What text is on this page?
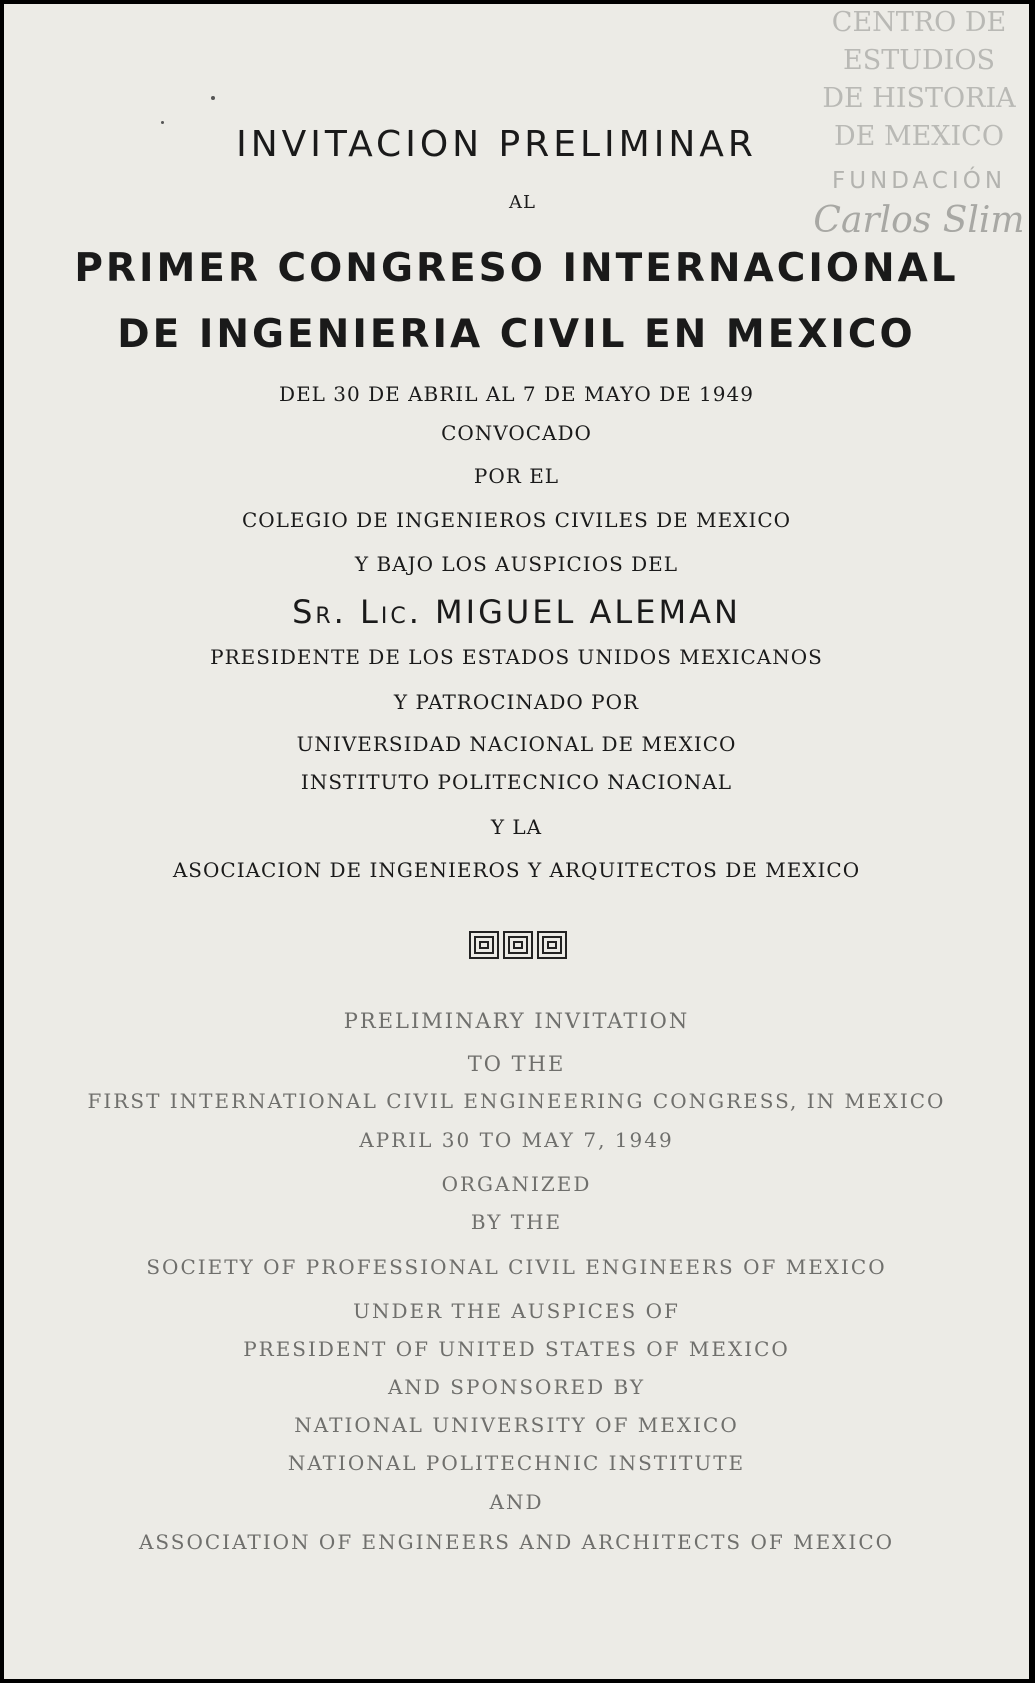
CENTRO DE
ESTUDIOS
DE HISTORIA
DE MEXICO
FUNDACIÓN
Carlos Slim
INVITACION PRELIMINAR
AL
PRIMER CONGRESO INTERNACIONAL
DE INGENIERIA CIVIL EN MEXICO
DEL 30 DE ABRIL AL 7 DE MAYO DE 1949
CONVOCADO
POR EL
COLEGIO DE INGENIEROS CIVILES DE MEXICO
Y BAJO LOS AUSPICIOS DEL
Sr. Lic. MIGUEL ALEMAN
PRESIDENTE DE LOS ESTADOS UNIDOS MEXICANOS
Y PATROCINADO POR
UNIVERSIDAD NACIONAL DE MEXICO
INSTITUTO POLITECNICO NACIONAL
Y LA
ASOCIACION DE INGENIEROS Y ARQUITECTOS DE MEXICO
PRELIMINARY INVITATION
TO THE
FIRST INTERNATIONAL CIVIL ENGINEERING CONGRESS, IN MEXICO
APRIL 30 TO MAY 7, 1949
ORGANIZED
BY THE
SOCIETY OF PROFESSIONAL CIVIL ENGINEERS OF MEXICO
UNDER THE AUSPICES OF
PRESIDENT OF UNITED STATES OF MEXICO
AND SPONSORED BY
NATIONAL UNIVERSITY OF MEXICO
NATIONAL POLITECHNIC INSTITUTE
AND
ASSOCIATION OF ENGINEERS AND ARCHITECTS OF MEXICO
